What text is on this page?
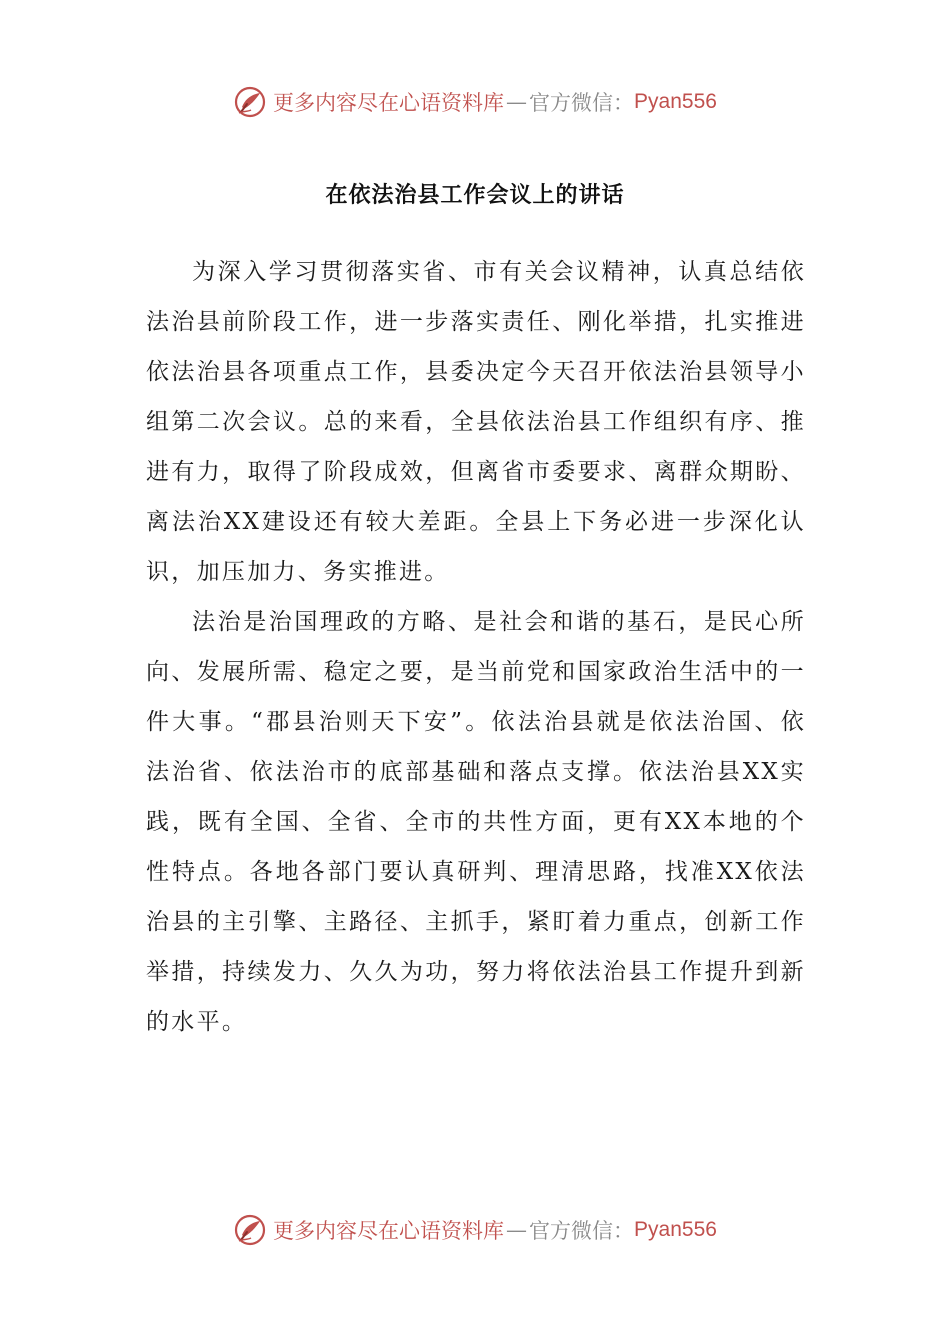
更多内容尽在心语资料库 — 官方微信： Pyan556
在依法治县工作会议上的讲话

为深入学习贯彻落实省、市有关会议精神，认真总结依法治县前阶段工作，进一步落实责任、刚化举措，扎实推进依法治县各项重点工作，县委决定今天召开依法治县领导小组第二次会议。总的来看，全县依法治县工作组织有序、推进有力，取得了阶段成效，但离省市委要求、离群众期盼、离法治XX建设还有较大差距。全县上下务必进一步深化认识，加压加力、务实推进。

法治是治国理政的方略、是社会和谐的基石，是民心所向、发展所需、稳定之要，是当前党和国家政治生活中的一件大事。“郡县治则天下安”。依法治县就是依法治国、依法治省、依法治市的底部基础和落点支撑。依法治县XX实践，既有全国、全省、全市的共性方面，更有XX本地的个性特点。各地各部门要认真研判、理清思路，找准XX依法治县的主引擎、主路径、主抓手，紧盯着力重点，创新工作举措，持续发力、久久为功，努力将依法治县工作提升到新的水平。

更多内容尽在心语资料库 — 官方微信： Pyan556
